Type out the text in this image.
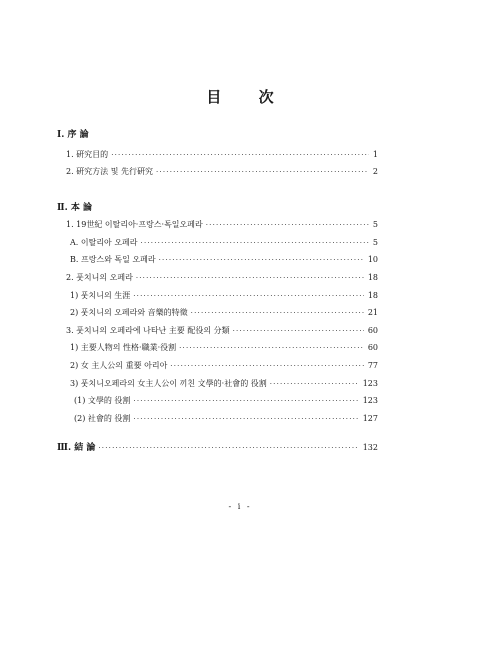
目 次
Ⅰ. 序 論
1. 硏究目的 ·····	1
2. 硏究方法 및 先行硏究 ·····	2
Ⅱ. 本 論
1. 19世紀 이탈리아·프랑스·독일오페라 ·····	5
A. 이탈리아 오페라 ·····	5
B. 프랑스와 독일 오페라 ·····	10
2. 풋치니의 오페라 ·····	18
1) 풋치니의 生涯 ·····	18
2) 풋치니의 오페라와 音樂的特徵 ·····	21
3. 풋치니의 오페라에 나타난 主要 配役의 分類 ·····	60
1) 主要人物의 性格·職業·役割 ·····	60
2) 女 主人公의 重要 아리아 ·····	77
3) 풋치니오페라의 女主人公이 끼친 文學的·社會的 役割 ·····	123
(1) 文學的 役割 ·····	123
(2) 社會的 役割 ·····	127
Ⅲ. 結 論 ·····	132
- i -
